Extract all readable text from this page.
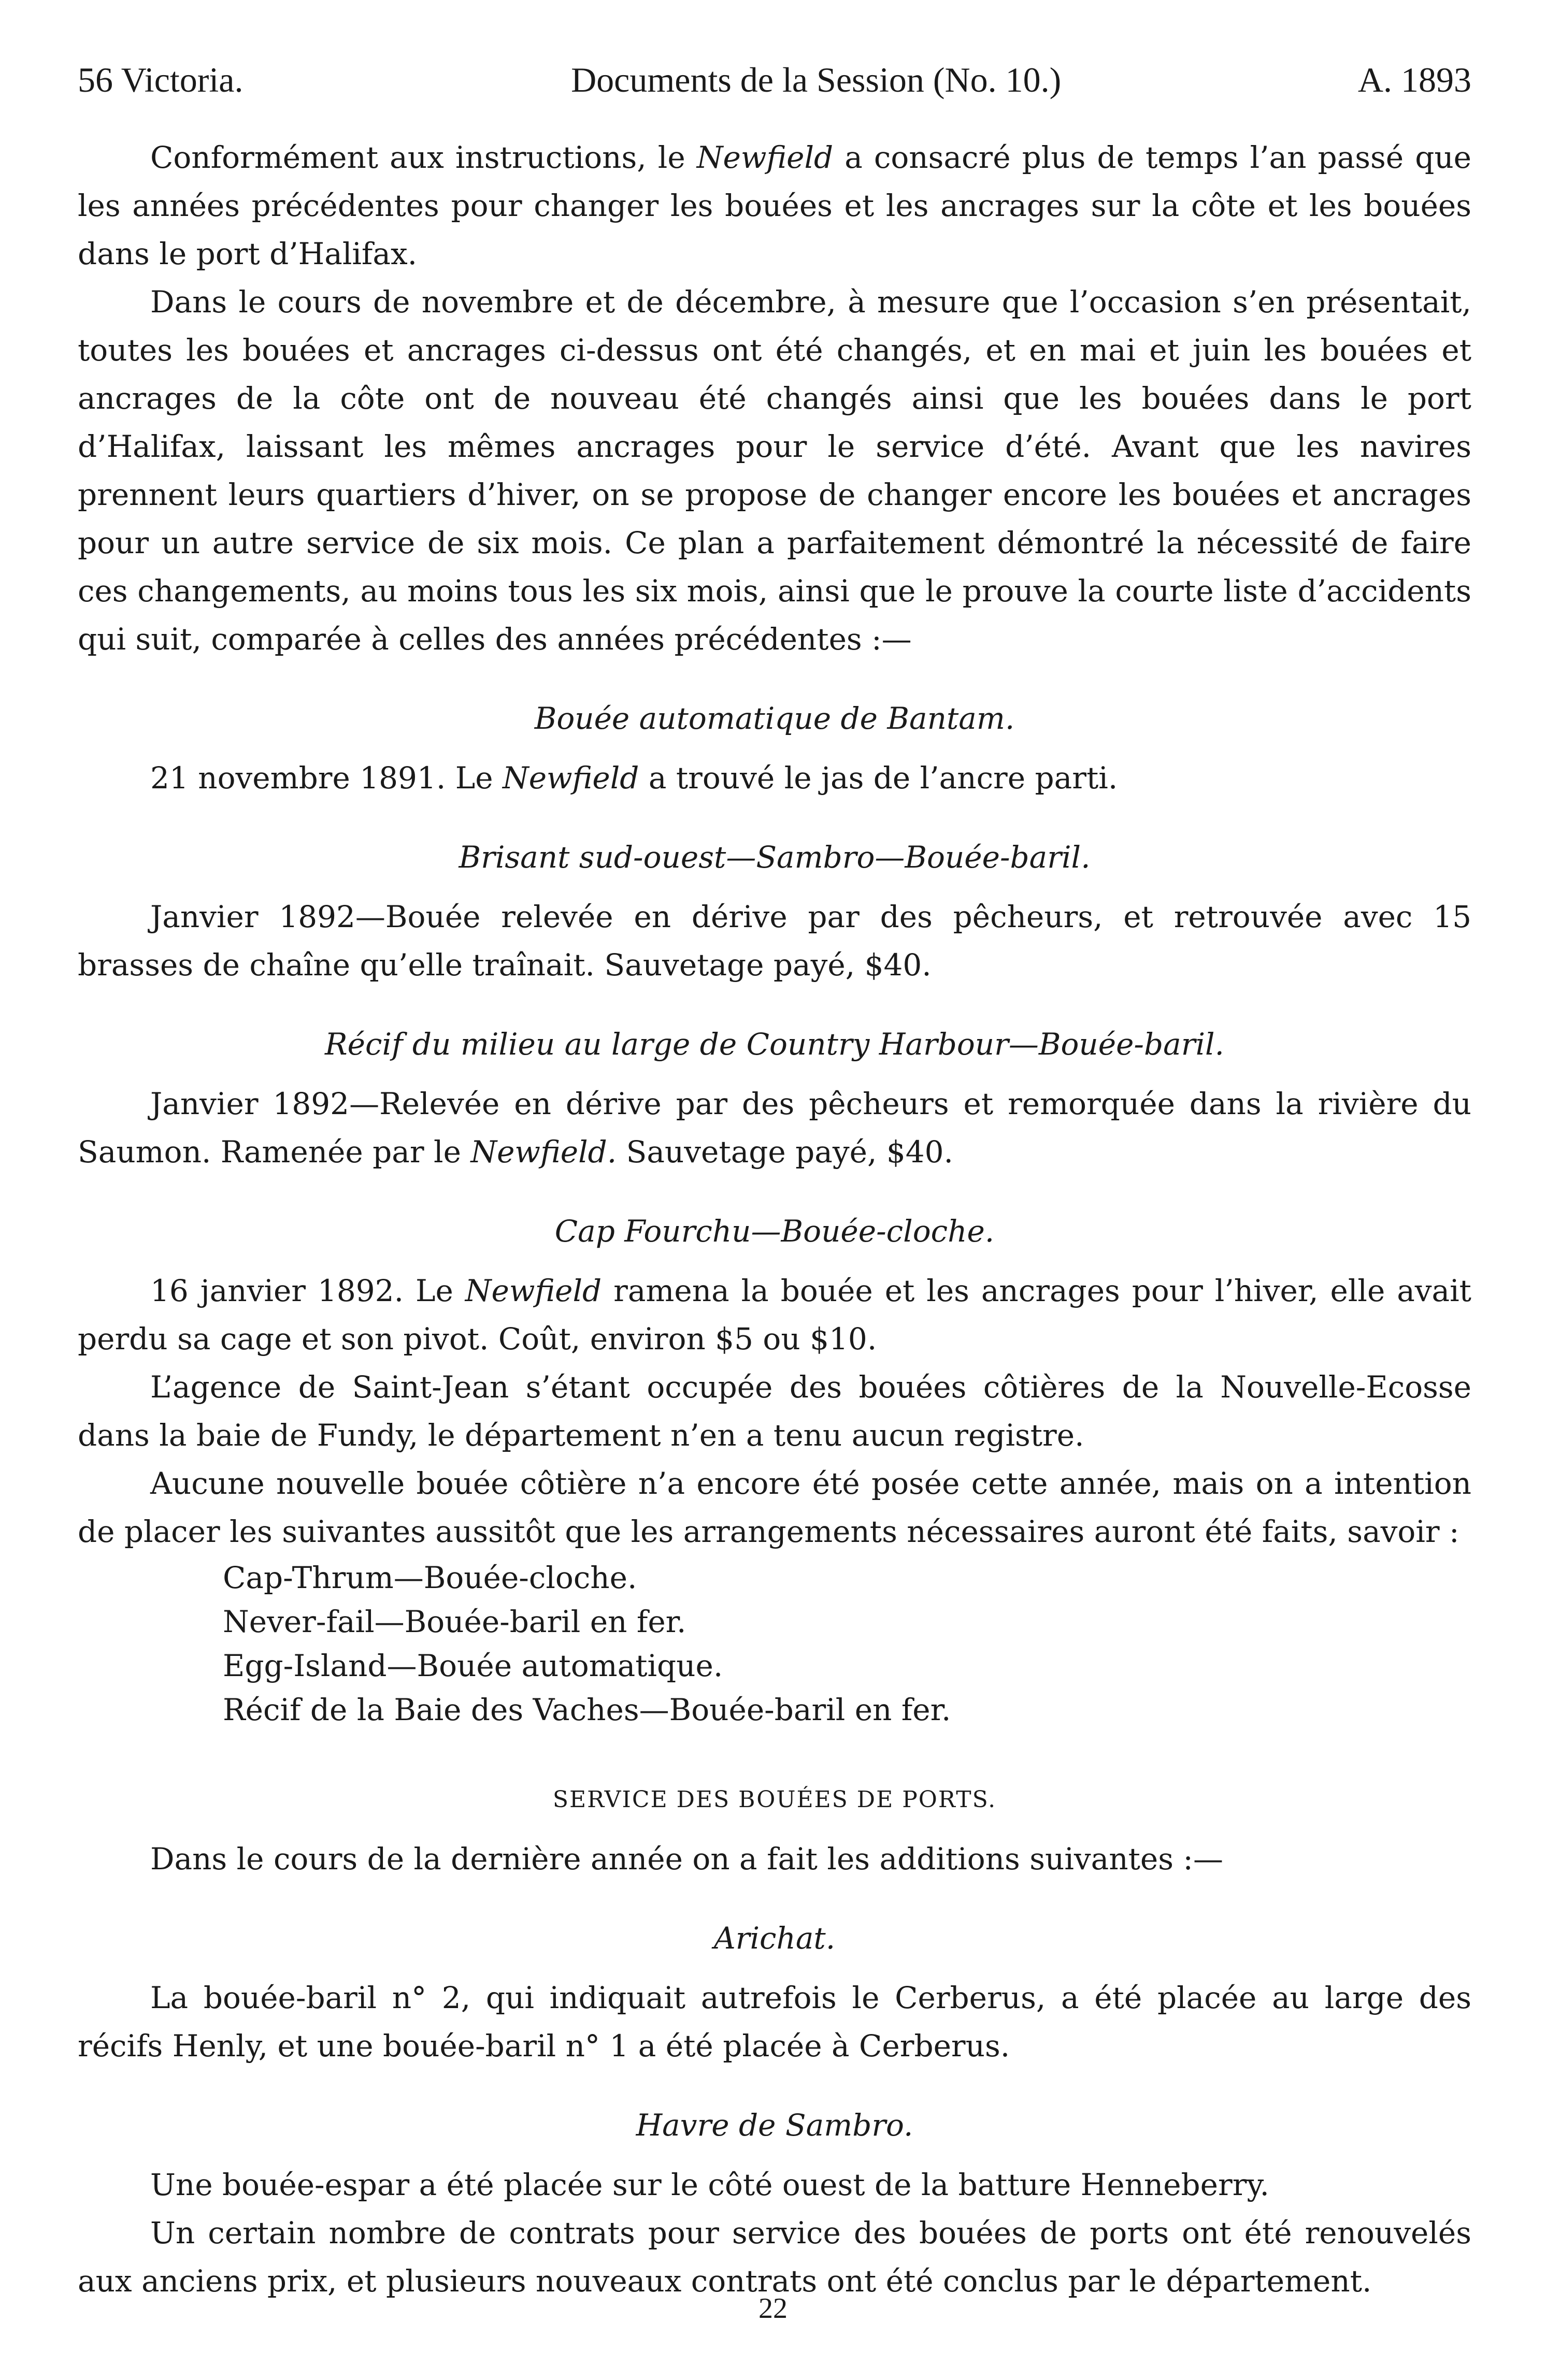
56 Victoria.	Documents de la Session (No. 10.)	A. 1893

Conformément aux instructions, le Newfield a consacré plus de temps l’an passé que les années précédentes pour changer les bouées et les ancrages sur la côte et les bouées dans le port d’Halifax.

Dans le cours de novembre et de décembre, à mesure que l’occasion s’en présentait, toutes les bouées et ancrages ci-dessus ont été changés, et en mai et juin les bouées et ancrages de la côte ont de nouveau été changés ainsi que les bouées dans le port d’Halifax, laissant les mêmes ancrages pour le service d’été. Avant que les navires prennent leurs quartiers d’hiver, on se propose de changer encore les bouées et ancrages pour un autre service de six mois. Ce plan a parfaitement démontré la nécessité de faire ces changements, au moins tous les six mois, ainsi que le prouve la courte liste d’accidents qui suit, comparée à celles des années précédentes :—

Bouée automatique de Bantam.

21 novembre 1891. Le Newfield a trouvé le jas de l’ancre parti.

Brisant sud-ouest—Sambro—Bouée-baril.

Janvier 1892—Bouée relevée en dérive par des pêcheurs, et retrouvée avec 15 brasses de chaîne qu’elle traînait. Sauvetage payé, $40.

Récif du milieu au large de Country Harbour—Bouée-baril.

Janvier 1892—Relevée en dérive par des pêcheurs et remorquée dans la rivière du Saumon. Ramenée par le Newfield. Sauvetage payé, $40.

Cap Fourchu—Bouée-cloche.

16 janvier 1892. Le Newfield ramena la bouée et les ancrages pour l’hiver, elle avait perdu sa cage et son pivot. Coût, environ $5 ou $10.

L’agence de Saint-Jean s’étant occupée des bouées côtières de la Nouvelle-Ecosse dans la baie de Fundy, le département n’en a tenu aucun registre.

Aucune nouvelle bouée côtière n’a encore été posée cette année, mais on a intention de placer les suivantes aussitôt que les arrangements nécessaires auront été faits, savoir :

Cap-Thrum—Bouée-cloche.
Never-fail—Bouée-baril en fer.
Egg-Island—Bouée automatique.
Récif de la Baie des Vaches—Bouée-baril en fer.
SERVICE DES BOUÉES DE PORTS.

Dans le cours de la dernière année on a fait les additions suivantes :—

Arichat.

La bouée-baril n° 2, qui indiquait autrefois le Cerberus, a été placée au large des récifs Henly, et une bouée-baril n° 1 a été placée à Cerberus.

Havre de Sambro.

Une bouée-espar a été placée sur le côté ouest de la batture Henneberry.

Un certain nombre de contrats pour service des bouées de ports ont été renouvelés aux anciens prix, et plusieurs nouveaux contrats ont été conclus par le département.

22
